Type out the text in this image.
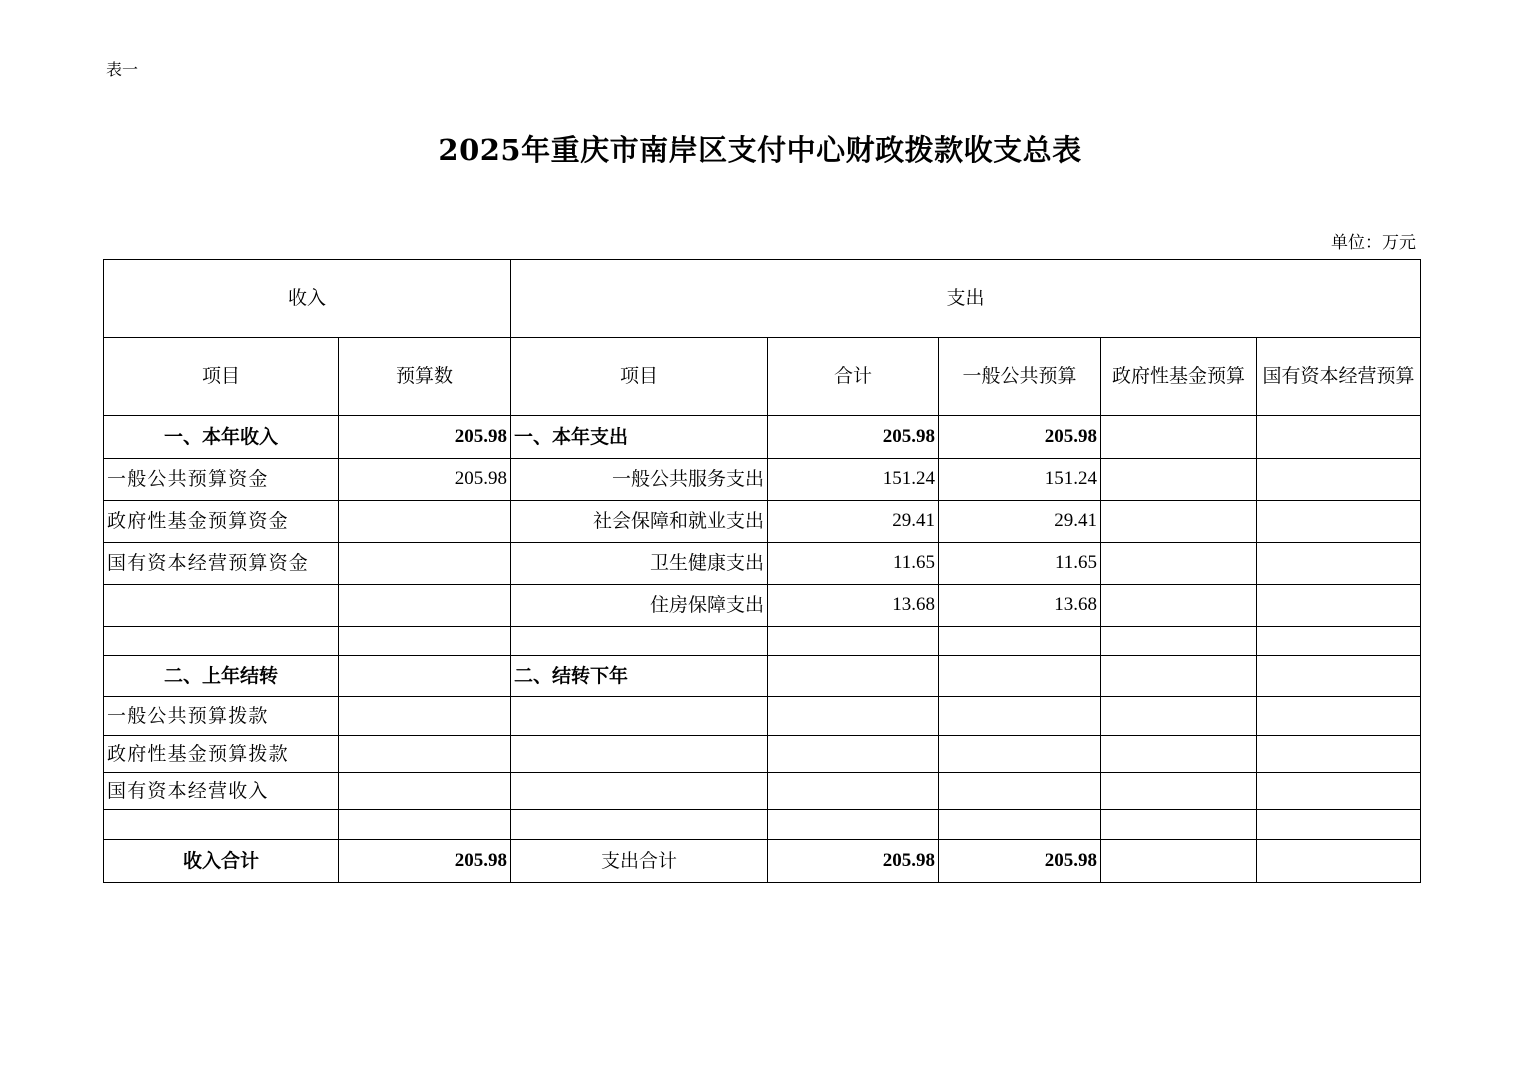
表一
2025年重庆市南岸区支付中心财政拨款收支总表
单位：万元
收入		支出				
项目	预算数	项目	合计	一般公共预算	政府性基金预算	国有资本经营预算
一、本年收入	205.98	一、本年支出	205.98	205.98		
一般公共预算资金	205.98	一般公共服务支出	151.24	151.24		
政府性基金预算资金		社会保障和就业支出	29.41	29.41		
国有资本经营预算资金		卫生健康支出	11.65	11.65		
		住房保障支出	13.68	13.68		

二、上年结转		二、结转下年				
一般公共预算拨款						
政府性基金预算拨款						
国有资本经营收入						

收入合计	205.98	支出合计	205.98	205.98		
